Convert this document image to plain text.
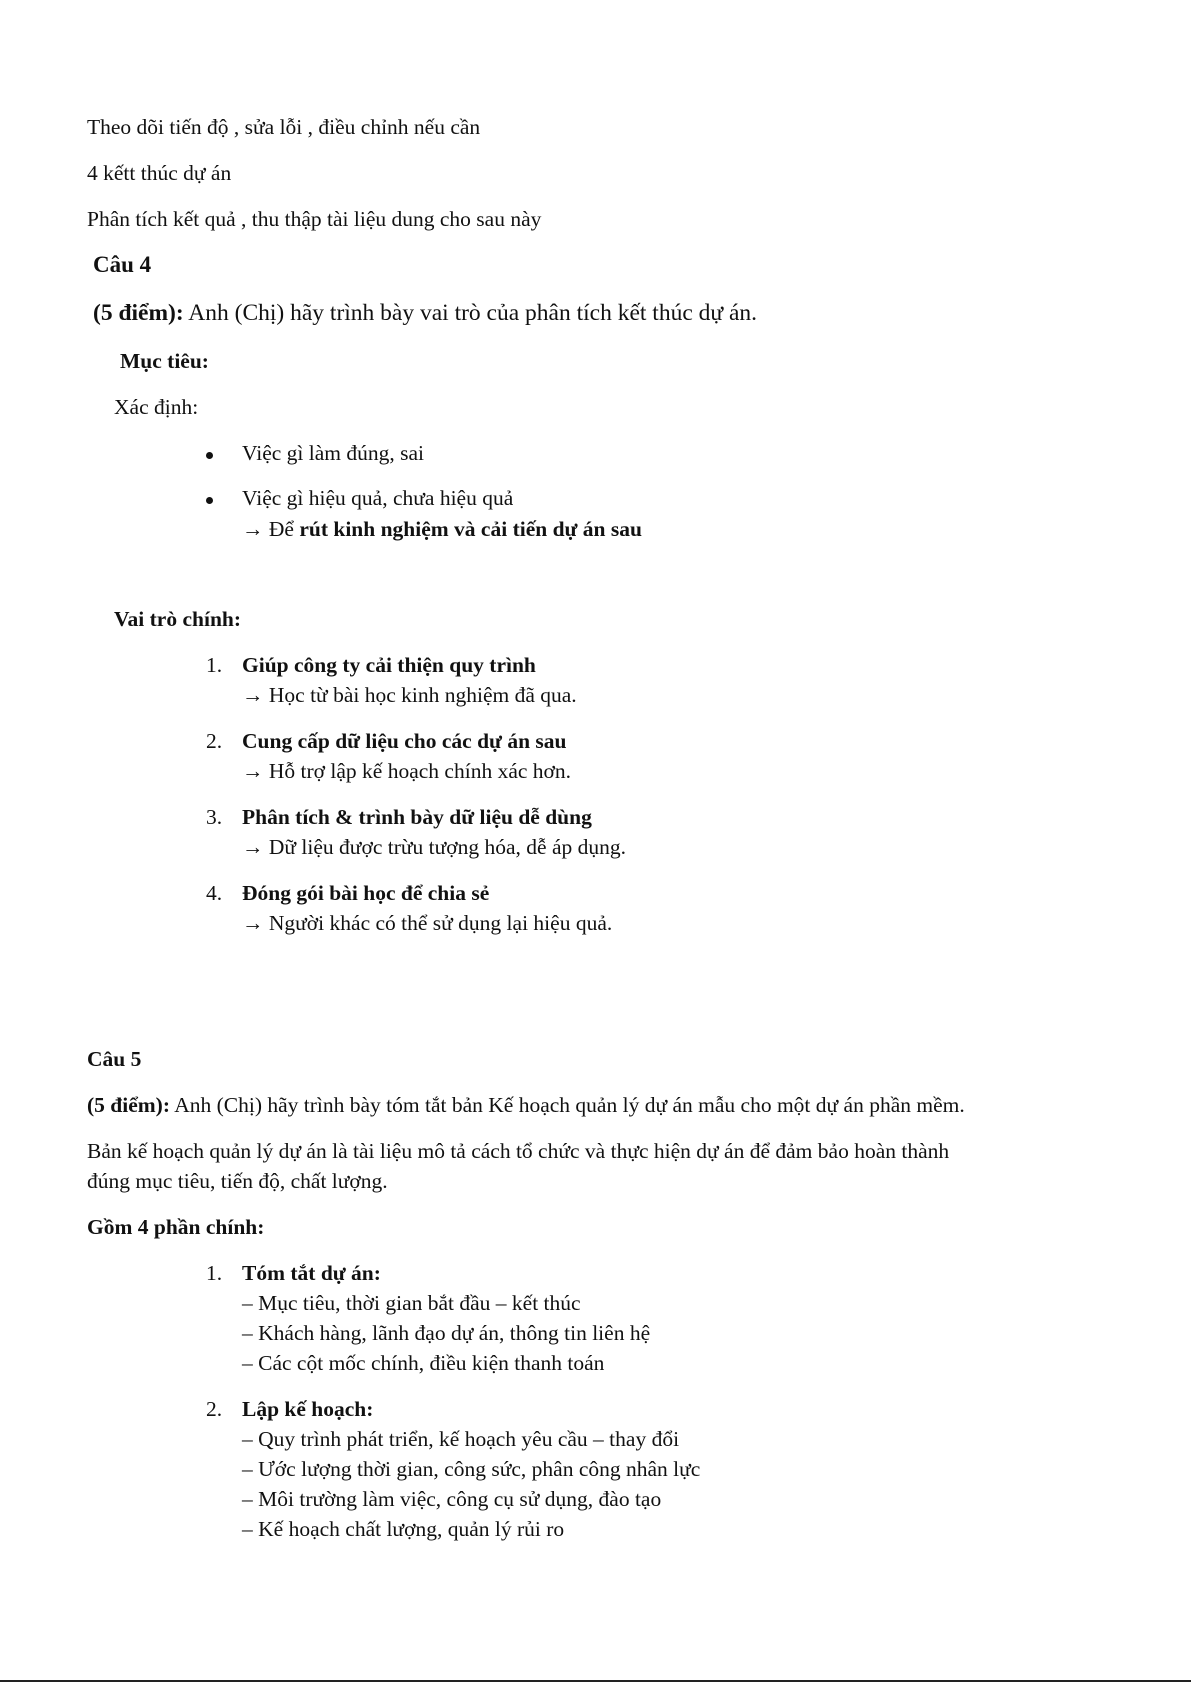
Theo dõi tiến độ , sửa lỗi , điều chỉnh nếu cần
4 kếtt thúc dự án
Phân tích kết quả , thu thập tài liệu dung cho sau này
Câu 4
(5 điểm): Anh (Chị) hãy trình bày vai trò của phân tích kết thúc dự án.
Mục tiêu:
Xác định:
Việc gì làm đúng, sai
Việc gì hiệu quả, chưa hiệu quả
→ Để rút kinh nghiệm và cải tiến dự án sau
Vai trò chính:
1. Giúp công ty cải thiện quy trình
→ Học từ bài học kinh nghiệm đã qua.
2. Cung cấp dữ liệu cho các dự án sau
→ Hỗ trợ lập kế hoạch chính xác hơn.
3. Phân tích & trình bày dữ liệu dễ dùng
→ Dữ liệu được trừu tượng hóa, dễ áp dụng.
4. Đóng gói bài học để chia sẻ
→ Người khác có thể sử dụng lại hiệu quả.
Câu 5
(5 điểm): Anh (Chị) hãy trình bày tóm tắt bản Kế hoạch quản lý dự án mẫu cho một dự án phần mềm.
Bản kế hoạch quản lý dự án là tài liệu mô tả cách tổ chức và thực hiện dự án để đảm bảo hoàn thành
đúng mục tiêu, tiến độ, chất lượng.
Gồm 4 phần chính:
1. Tóm tắt dự án:
– Mục tiêu, thời gian bắt đầu – kết thúc
– Khách hàng, lãnh đạo dự án, thông tin liên hệ
– Các cột mốc chính, điều kiện thanh toán
2. Lập kế hoạch:
– Quy trình phát triển, kế hoạch yêu cầu – thay đổi
– Ước lượng thời gian, công sức, phân công nhân lực
– Môi trường làm việc, công cụ sử dụng, đào tạo
– Kế hoạch chất lượng, quản lý rủi ro
